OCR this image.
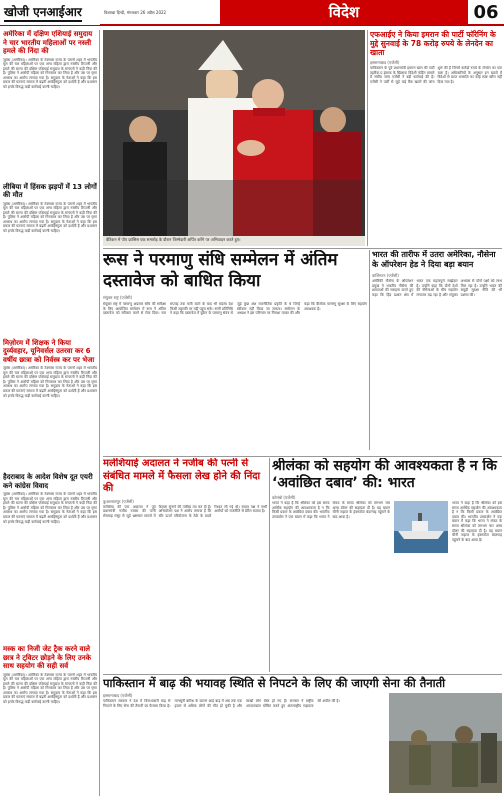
खोजी एनआईआर	विशाखा हिन्दी, मंगलवार 26 अप्रैल 2022	विदेश	06
अमेरिका में दक्षिण एशियाई समुदाय ने चार भारतीय महिलाओं पर नस्ली हमले की निंदा की
ज़ूबंस (अमेरिका)। अमेरिका के टेक्सास राज्य के प्लानो शहर में भारतीय मूल की चार महिलाओं पर एक अन्य महिला द्वारा नस्लीय टिप्पणी और हमले की घटना की दक्षिण एशियाई समुदाय के संगठनों ने कड़ी निंदा की है। पुलिस ने आरोपी महिला को गिरफ्तार कर लिया है और उस पर घृणा अपराध का आरोप लगाया गया है। समुदाय के नेताओं ने कहा कि इस प्रकार की घटनाएं समाज में बढ़ती असहिष्णुता को दर्शाती हैं और प्रशासन को इनके विरुद्ध कड़ी कार्रवाई करनी चाहिए।
लीबिया में हिंसक झड़पों में 13 लोगों की मौत
ज़ूबंस (अमेरिका)। अमेरिका के टेक्सास राज्य के प्लानो शहर में भारतीय मूल की चार महिलाओं पर एक अन्य महिला द्वारा नस्लीय टिप्पणी और हमले की घटना की दक्षिण एशियाई समुदाय के संगठनों ने कड़ी निंदा की है। पुलिस ने आरोपी महिला को गिरफ्तार कर लिया है और उस पर घृणा अपराध का आरोप लगाया गया है। समुदाय के नेताओं ने कहा कि इस प्रकार की घटनाएं समाज में बढ़ती असहिष्णुता को दर्शाती हैं और प्रशासन को इनके विरुद्ध कड़ी कार्रवाई करनी चाहिए।
मिज़ोरम में शिक्षक ने किया दुर्व्यवहार, यूनिवर्सल उतरवा कर 6 वर्षीय छात्रा को निर्वस्त्र कर पर भेजा
ज़ूबंस (अमेरिका)। अमेरिका के टेक्सास राज्य के प्लानो शहर में भारतीय मूल की चार महिलाओं पर एक अन्य महिला द्वारा नस्लीय टिप्पणी और हमले की घटना की दक्षिण एशियाई समुदाय के संगठनों ने कड़ी निंदा की है। पुलिस ने आरोपी महिला को गिरफ्तार कर लिया है और उस पर घृणा अपराध का आरोप लगाया गया है। समुदाय के नेताओं ने कहा कि इस प्रकार की घटनाएं समाज में बढ़ती असहिष्णुता को दर्शाती हैं और प्रशासन को इनके विरुद्ध कड़ी कार्रवाई करनी चाहिए।
हैदराबाद के आदेश विशेष दूत एयरी कने कांग्रेस विवाद
ज़ूबंस (अमेरिका)। अमेरिका के टेक्सास राज्य के प्लानो शहर में भारतीय मूल की चार महिलाओं पर एक अन्य महिला द्वारा नस्लीय टिप्पणी और हमले की घटना की दक्षिण एशियाई समुदाय के संगठनों ने कड़ी निंदा की है। पुलिस ने आरोपी महिला को गिरफ्तार कर लिया है और उस पर घृणा अपराध का आरोप लगाया गया है। समुदाय के नेताओं ने कहा कि इस प्रकार की घटनाएं समाज में बढ़ती असहिष्णुता को दर्शाती हैं और प्रशासन को इनके विरुद्ध कड़ी कार्रवाई करनी चाहिए।
मस्क का निजी जेट ट्रैक करने वाले छात्र ने ट्विटर छोड़ने के लिए उनके साथ सहयोग की सही सर्व
ज़ूबंस (अमेरिका)। अमेरिका के टेक्सास राज्य के प्लानो शहर में भारतीय मूल की चार महिलाओं पर एक अन्य महिला द्वारा नस्लीय टिप्पणी और हमले की घटना की दक्षिण एशियाई समुदाय के संगठनों ने कड़ी निंदा की है। पुलिस ने आरोपी महिला को गिरफ्तार कर लिया है और उस पर घृणा अपराध का आरोप लगाया गया है। समुदाय के नेताओं ने कहा कि इस प्रकार की घटनाएं समाज में बढ़ती असहिष्णुता को दर्शाती हैं और प्रशासन को इनके विरुद्ध कड़ी कार्रवाई करनी चाहिए।
वेटिकन में पोप फ्रांसिस एक समारोह के दौरान जिम्मेदारी अर्पित करेंगे पर अभिवादन करते हुए।
एफआईए ने किया इमरान की पार्टी फॉरेनिंग के मुद्दे सुनवाई के 78 करोड़ रुपये के लेनदेन का खाता
इस्लामाबाद (एजेंसी)
पाकिस्तान के पूर्व प्रधानमंत्री इमरान खान की पार्टी तहरीक-ए-इंसाफ के खिलाफ विदेशी फंडिंग मामले में संघीय जांच एजेंसी ने बड़ी कार्रवाई की है। एजेंसी ने पार्टी से जुड़े कई बैंक खातों की जांच शुरू की है जिनमें करोड़ों रुपये के लेनदेन का पता चला है। अधिकारियों के अनुसार इन खातों में विदेशों से प्राप्त धनराशि का कोई स्पष्ट ब्यौरा नहीं दिया गया है।
रूस ने परमाणु संधि सम्मेलन में अंतिम दस्तावेज को बाधित किया
संयुक्त राष्ट्र (एजेंसी)
संयुक्त राष्ट्र में परमाणु अप्रसार संधि की समीक्षा के लिए आयोजित सम्मेलन में रूस ने अंतिम दस्तावेज को स्वीकार करने से रोक दिया। चार सप्ताह तक चली वार्ता के बाद भी सदस्य देश किसी सहमति पर नहीं पहुंच सके। रूसी प्रतिनिधि ने कहा कि दस्तावेज में यूक्रेन के परमाणु संयंत्र से जुड़े कुछ अंश राजनीतिक प्रकृति के थे जिन्हें स्वीकार नहीं किया जा सकता। सम्मेलन के अध्यक्ष ने इस परिणाम पर निराशा व्यक्त की और कहा कि वैश्विक परमाणु सुरक्षा के लिए सहयोग आवश्यक है।
भारत की तारीफ में उतरा अमेरिका, नौसेना के ऑपरेशन हेड ने दिया बड़ा बयान
वाशिंगटन (एजेंसी)
अमेरिकी नौसेना के ऑपरेशन प्रमुख ने भारतीय नौसेना की क्षमताओं की सराहना करते हुए कहा कि हिंद प्रशांत क्षेत्र में भारत एक महत्वपूर्ण साझेदार है। उन्होंने कहा कि दोनों देशों की नौसेनाओं के बीच सहयोग लगातार बढ़ रहा है और संयुक्त अभ्यास से दोनों पक्षों को लाभ मिल रहा है। उन्होंने भारत की समुद्री सुरक्षा नीति की भी प्रशंसा की।
मलेशियाई अदालत ने नजीब की पत्नी से संबंधित मामले में फैसला लेख होने की निंदा की
कुआलालंपुर (एजेंसी)
मलेशिया की एक अदालत ने पूर्व प्रधानमंत्री नजीब रजाक की पत्नी रोसमाह मंसूर से जुड़े भ्रष्टाचार मामले में फैसला सुनाने की तारीख तय कर दी है। अभियोजन पक्ष ने आरोप लगाया है कि सौर ऊर्जा परियोजना के ठेके के बदले रिश्वत ली गई थी। बचाव पक्ष ने सभी आरोपों को राजनीति से प्रेरित बताया है।
श्रीलंका को सहयोग की आवश्यकता है न कि ‘अवांछित दबाव’ की: भारत
कोलंबो (एजेंसी)
भारत ने कहा है कि श्रीलंका को इस समय आर्थिक सहयोग की आवश्यकता है न कि किसी प्रकार के अवांछित दबाव की। भारतीय उच्चायोग ने एक बयान में कहा कि भारत ने संकट के समय श्रीलंका को लगभग चार अरब डॉलर की सहायता दी है। यह बयान चीनी जहाज के हंबनटोटा बंदरगाह पहुंचने के बाद आया है।
भारत ने कहा है कि श्रीलंका को इस समय आर्थिक सहयोग की आवश्यकता है न कि किसी प्रकार के अवांछित दबाव की। भारतीय उच्चायोग ने एक बयान में कहा कि भारत ने संकट के समय श्रीलंका को लगभग चार अरब डॉलर की सहायता दी है। यह बयान चीनी जहाज के हंबनटोटा बंदरगाह पहुंचने के बाद आया है।
पाकिस्तान में बाढ़ की भयावह स्थिति से निपटने के लिए की जाएगी सेना की तैनाती
इस्लामाबाद (एजेंसी)
पाकिस्तान सरकार ने देश में विनाशकारी बाढ़ से निपटने के लिए सेना की तैनाती का फैसला किया है। मानसूनी बारिश के कारण आई बाढ़ में अब तक एक हजार से अधिक लोगों की मौत हो चुकी है और लाखों लोग बेघर हो गए हैं। सरकार ने राष्ट्रीय आपातकाल घोषित करते हुए अंतरराष्ट्रीय सहायता की अपील की है।
